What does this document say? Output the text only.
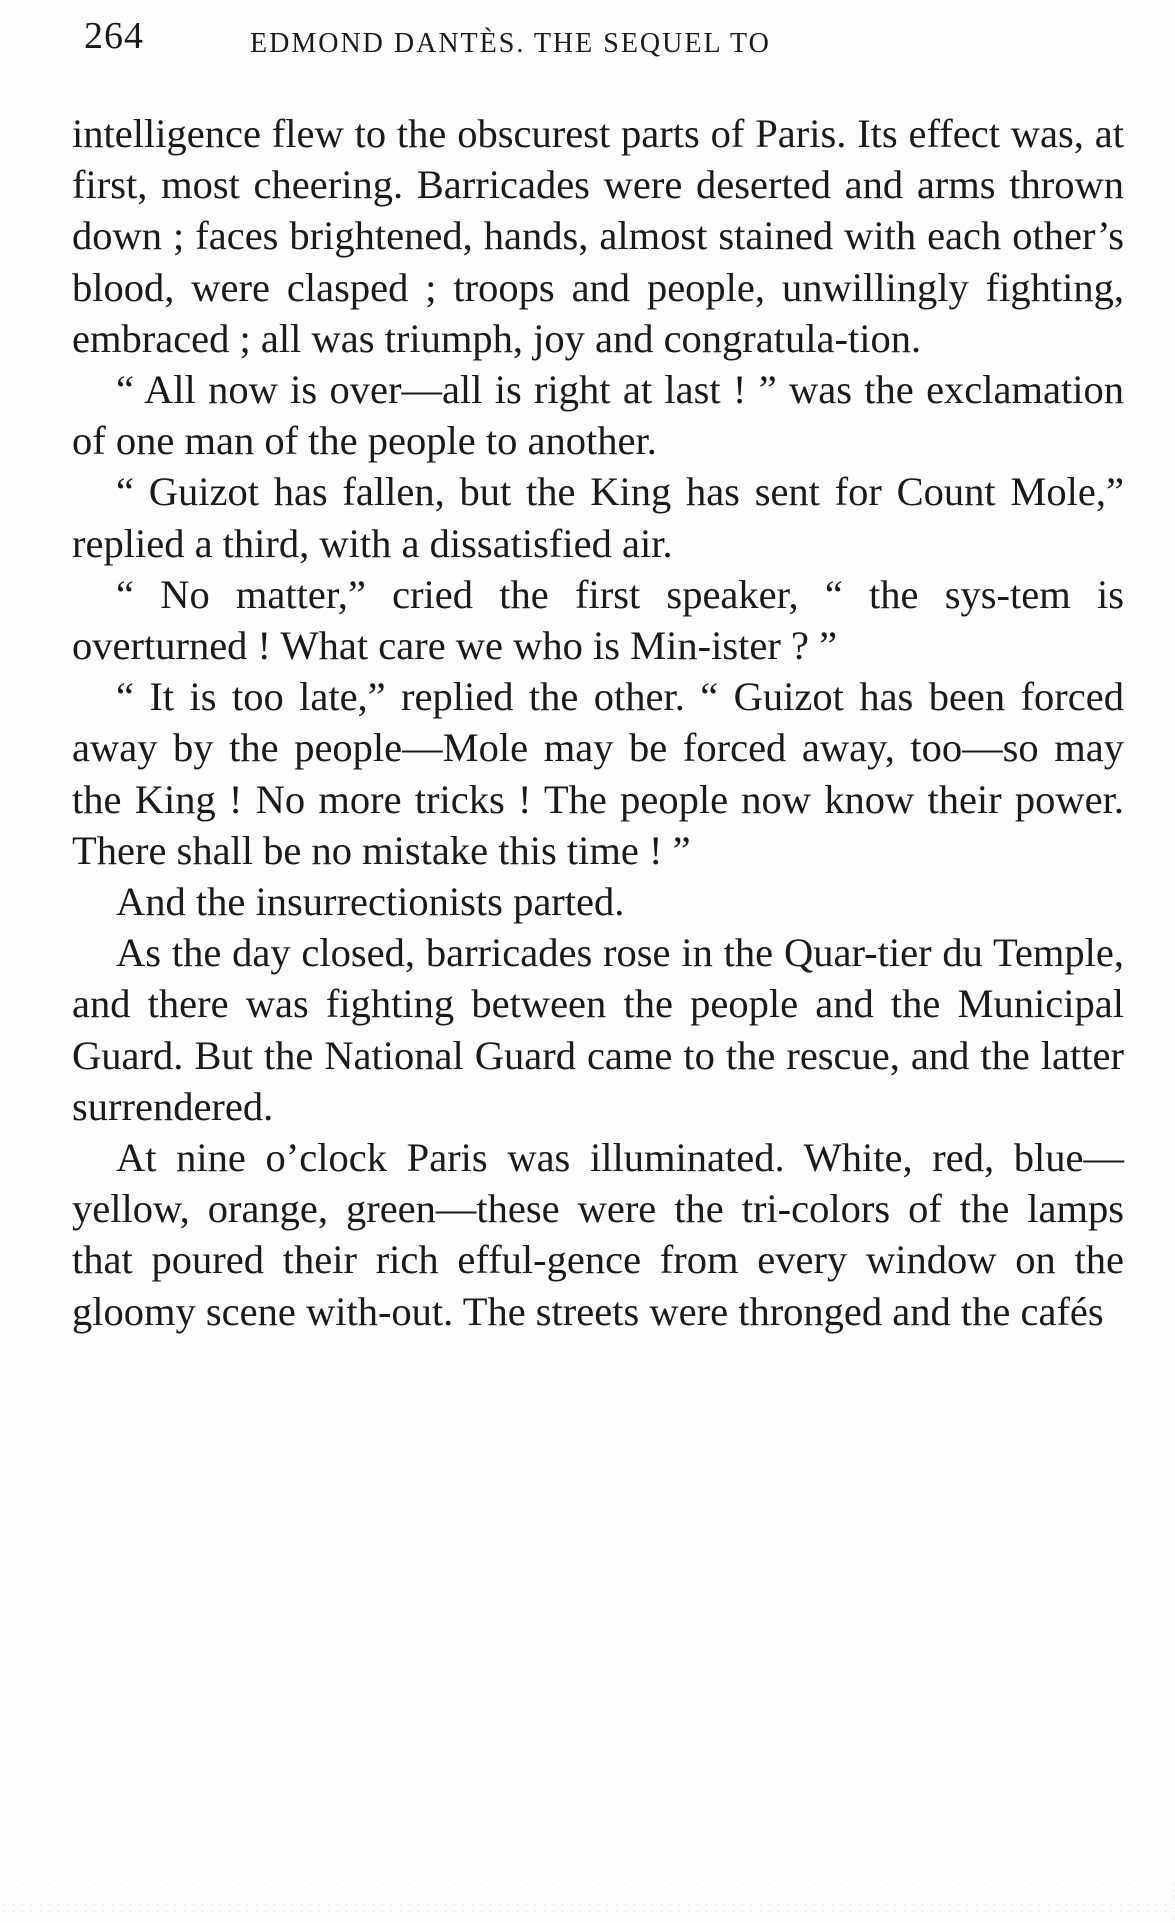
264	EDMOND DANTÈS. THE SEQUEL TO

intelligence flew to the obscurest parts of Paris. Its effect was, at first, most cheering. Barricades were deserted and arms thrown down ; faces brightened, hands, almost stained with each other’s blood, were clasped ; troops and people, unwillingly fighting, embraced ; all was triumph, joy and congratula-tion.

“ All now is over—all is right at last ! ” was the exclamation of one man of the people to another.

“ Guizot has fallen, but the King has sent for Count Mole,” replied a third, with a dissatisfied air.

“ No matter,” cried the first speaker, “ the sys-tem is overturned ! What care we who is Min-ister ? ”

“ It is too late,” replied the other. “ Guizot has been forced away by the people—Mole may be forced away, too—so may the King ! No more tricks ! The people now know their power. There shall be no mistake this time ! ”

And the insurrectionists parted.

As the day closed, barricades rose in the Quar-tier du Temple, and there was fighting between the people and the Municipal Guard. But the National Guard came to the rescue, and the latter surrendered.

At nine o’clock Paris was illuminated. White, red, blue—yellow, orange, green—these were the tri-colors of the lamps that poured their rich efful-gence from every window on the gloomy scene with-out. The streets were thronged and the cafés
